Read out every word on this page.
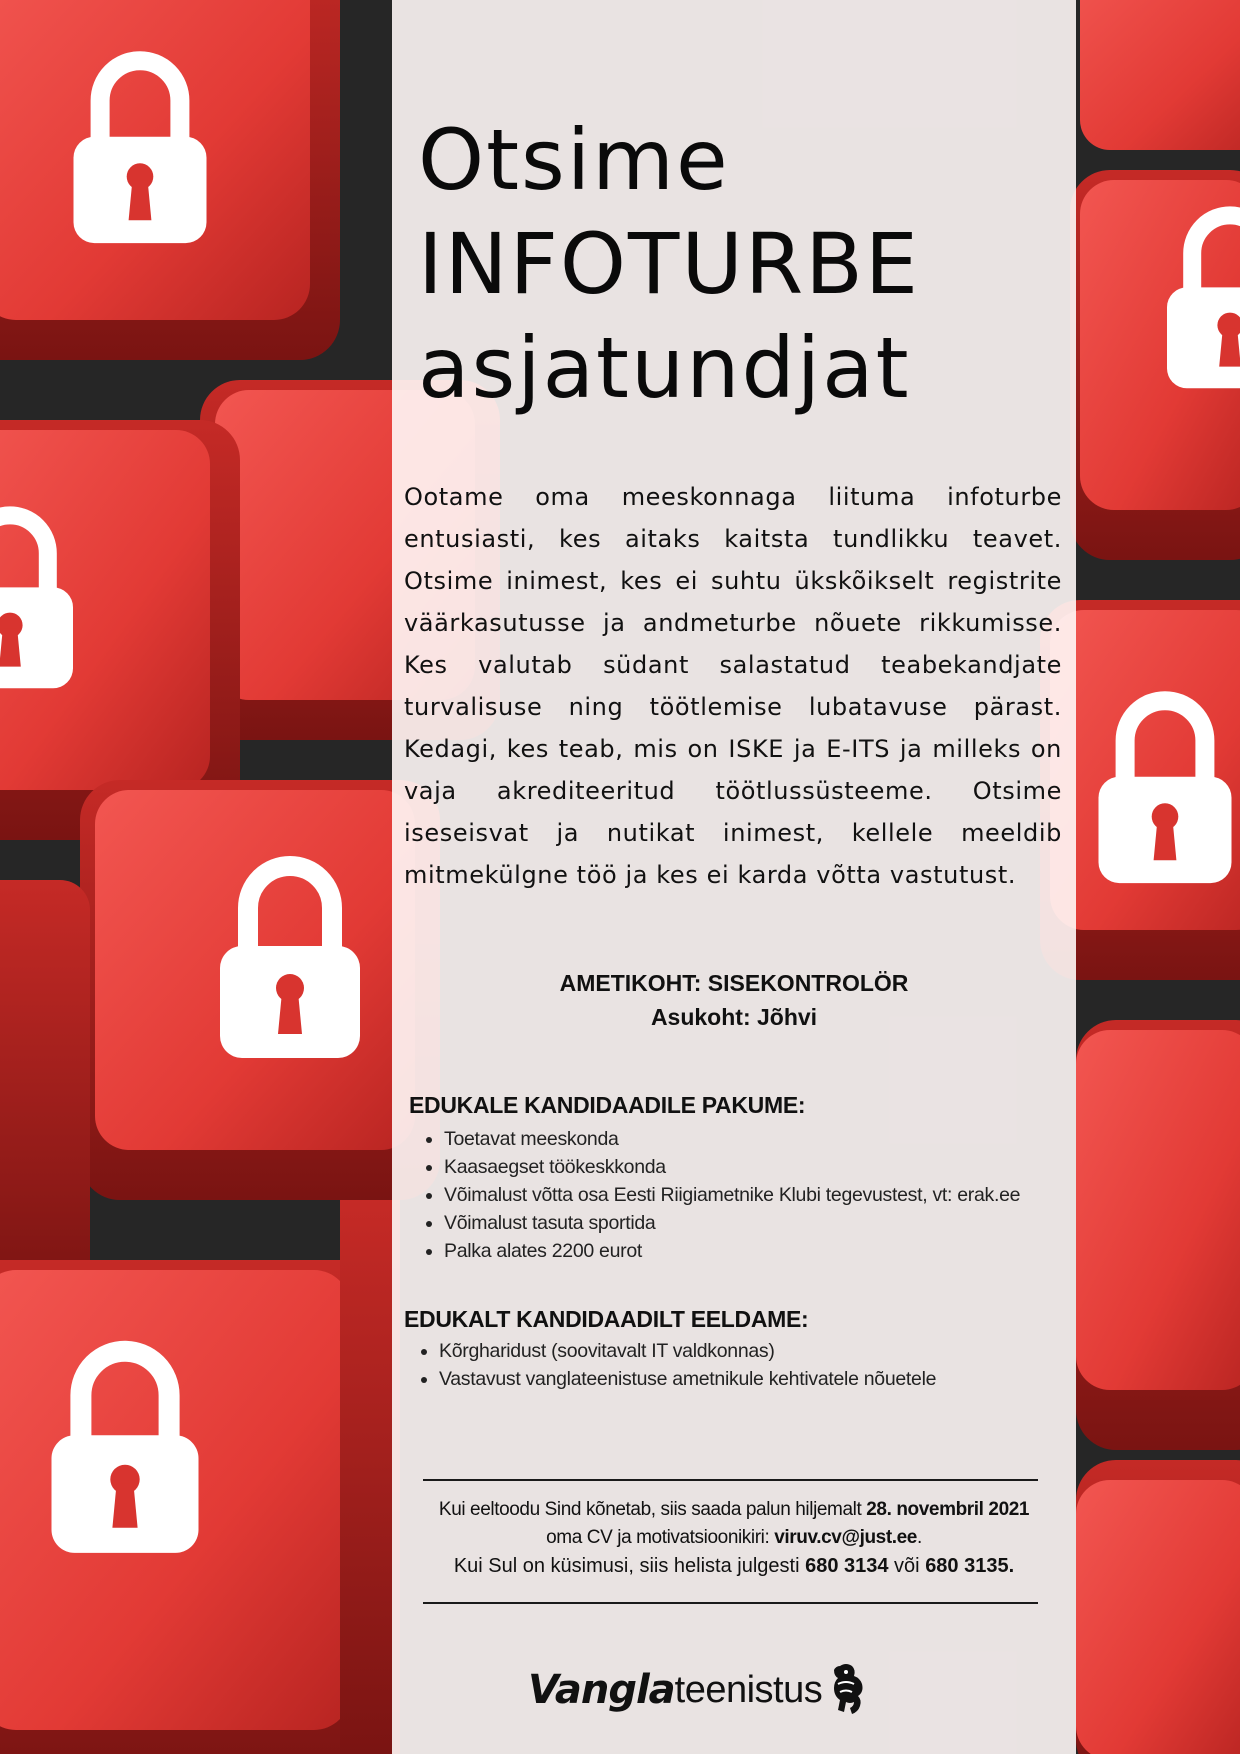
Otsime
INFOTURBE
asjatundjat

Ootame oma meeskonnaga liituma infoturbe entusiasti, kes aitaks kaitsta tundlikku teavet. Otsime inimest, kes ei suhtu ükskõikselt registrite väärkasutusse ja andmeturbe nõuete rikkumisse. Kes valutab südant salastatud teabekandjate turvalisuse ning töötlemise lubatavuse pärast. Kedagi, kes teab, mis on ISKE ja E-ITS ja milleks on vaja akrediteeritud töötlussüsteeme. Otsime iseseisvat ja nutikat inimest, kellele meeldib mitmekülgne töö ja kes ei karda võtta vastutust.

AMETIKOHT: SISEKONTROLÖR
Asukoht: Jõhvi
EDUKALE KANDIDAADILE PAKUME:
• Toetavat meeskonda
• Kaasaegset töökeskkonda
• Võimalust võtta osa Eesti Riigiametnike Klubi tegevustest, vt: erak.ee
• Võimalust tasuta sportida
• Palka alates 2200 eurot
EDUKALT KANDIDAADILT EELDAME:
• Kõrgharidust (soovitavalt IT valdkonnas)
• Vastavust vanglateenistuse ametnikule kehtivatele nõuetele
Kui eeltoodu Sind kõnetab, siis saada palun hiljemalt 28. novembril 2021
oma CV ja motivatsioonikiri: viruv.cv@just.ee.
Kui Sul on küsimusi, siis helista julgesti 680 3134 või 680 3135.
Vangla teenistus
